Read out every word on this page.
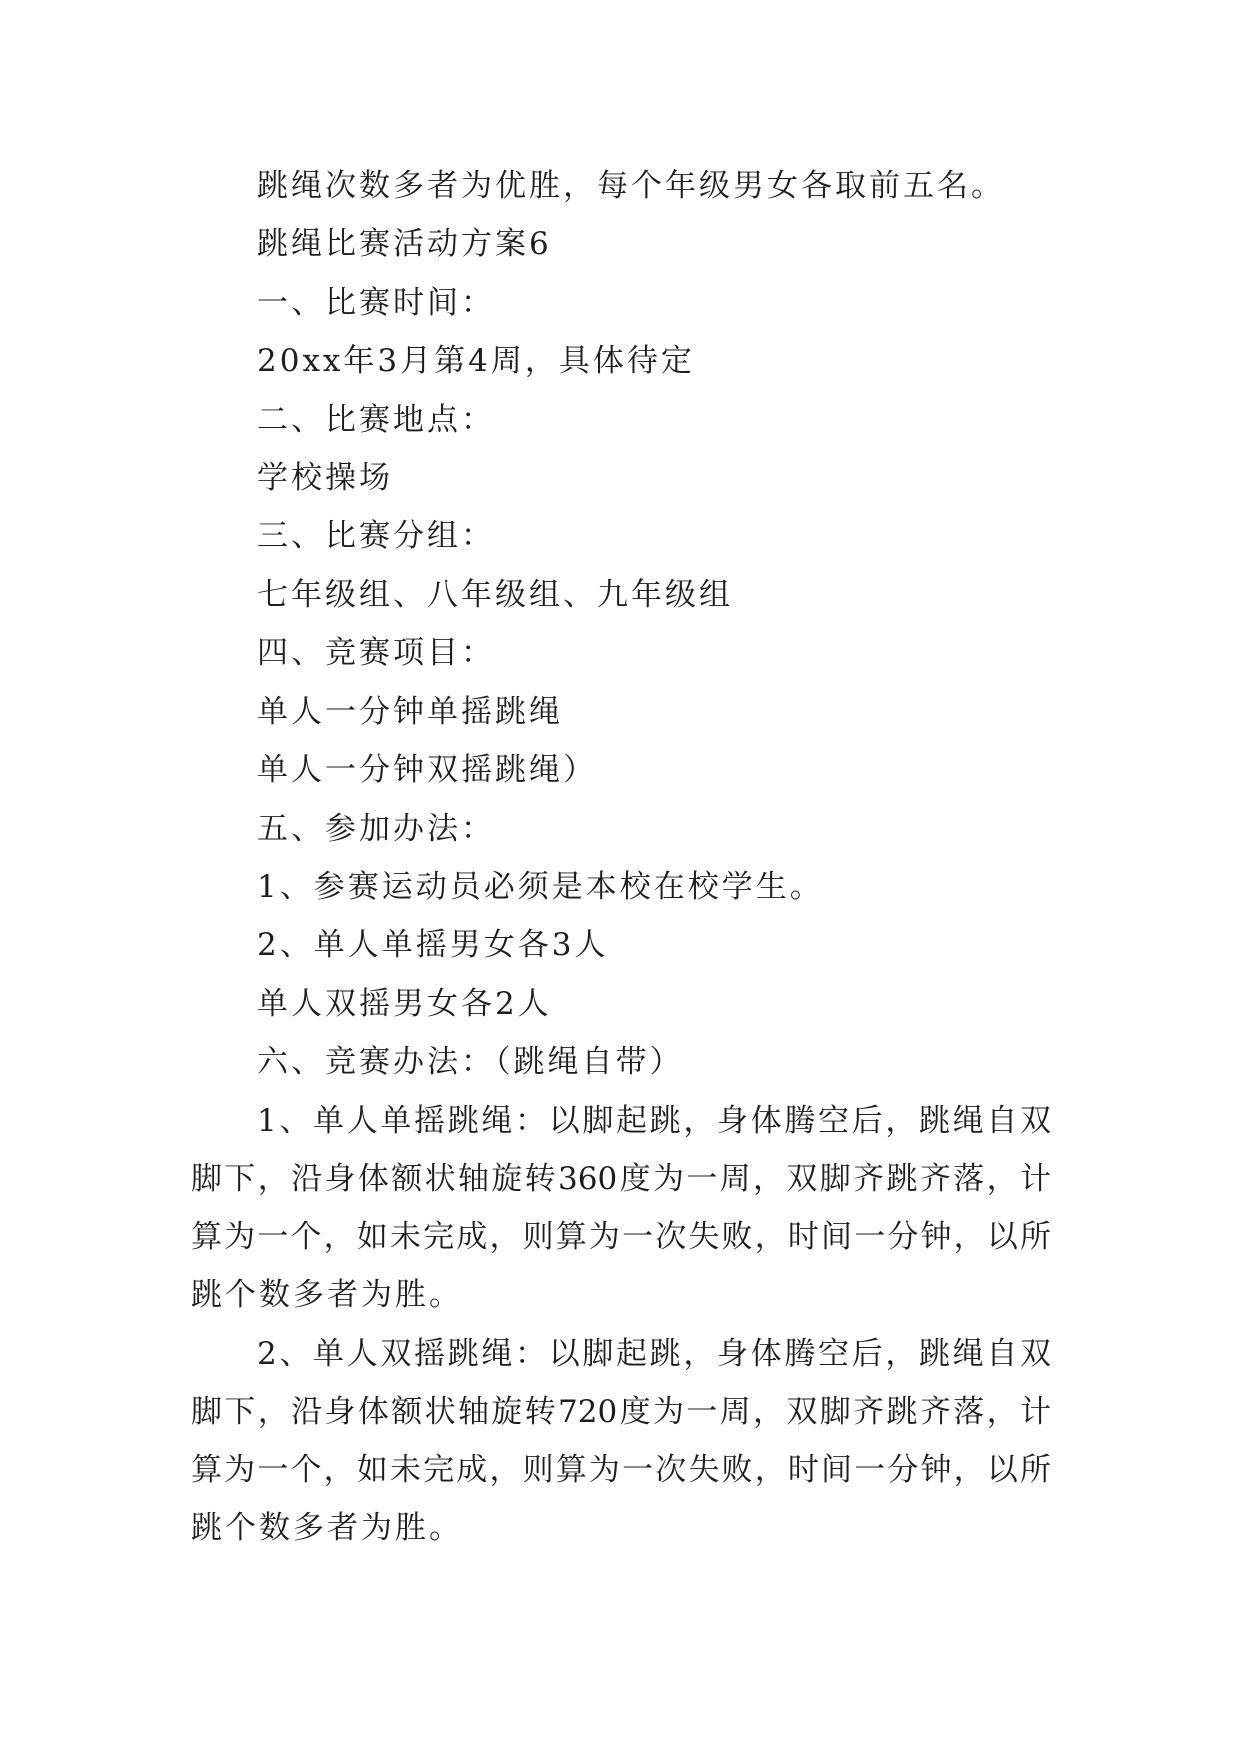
跳绳次数多者为优胜，每个年级男女各取前五名。
跳绳比赛活动方案6
一、比赛时间：
20xx年3月第4周，具体待定
二、比赛地点：
学校操场
三、比赛分组：
七年级组、八年级组、九年级组
四、竞赛项目：
单人一分钟单摇跳绳
单人一分钟双摇跳绳）
五、参加办法：
1、参赛运动员必须是本校在校学生。
2、单人单摇男女各3人
单人双摇男女各2人
六、竞赛办法：（跳绳自带）
1、单人单摇跳绳：以脚起跳，身体腾空后，跳绳自双
脚下，沿身体额状轴旋转360度为一周，双脚齐跳齐落，计
算为一个，如未完成，则算为一次失败，时间一分钟，以所
跳个数多者为胜。
2、单人双摇跳绳：以脚起跳，身体腾空后，跳绳自双
脚下，沿身体额状轴旋转720度为一周，双脚齐跳齐落，计
算为一个，如未完成，则算为一次失败，时间一分钟，以所
跳个数多者为胜。
